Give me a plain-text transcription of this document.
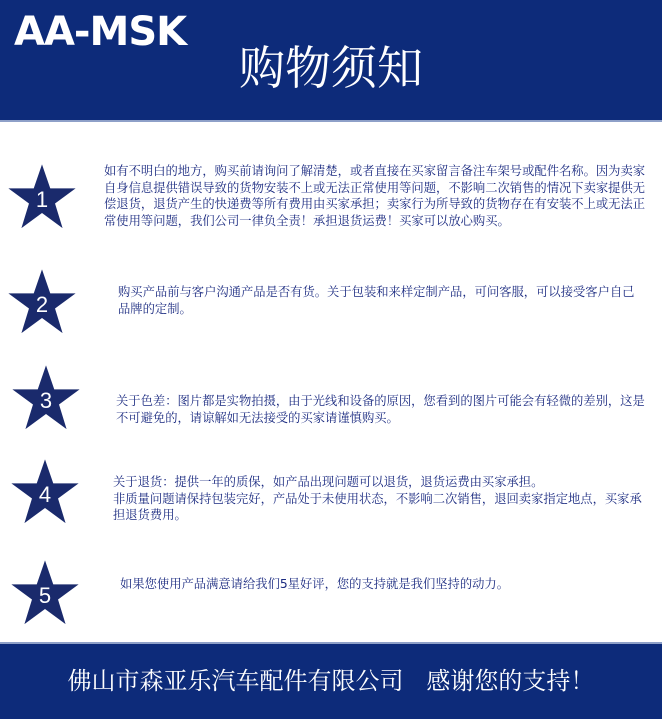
AA-MSK
购物须知
1
如有不明白的地方，购买前请询问了解清楚，或者直接在买家留言备注车架号或配件名称。因为卖家自身信息提供错误导致的货物安装不上或无法正常使用等问题，不影响二次销售的情况下卖家提供无偿退货，退货产生的快递费等所有费用由买家承担；卖家行为所导致的货物存在有安装不上或无法正常使用等问题，我们公司一律负全责！承担退货运费！买家可以放心购买。
2	购买产品前与客户沟通产品是否有货。关于包装和来样定制产品，可问客服，可以接受客户自己品牌的定制。
3	关于色差：图片都是实物拍摄，由于光线和设备的原因，您看到的图片可能会有轻微的差别，这是不可避免的，请谅解如无法接受的买家请谨慎购买。
4	关于退货：提供一年的质保，如产品出现问题可以退货，退货运费由买家承担。
非质量问题请保持包装完好，产品处于未使用状态，不影响二次销售，退回卖家指定地点，买家承担退货费用。
5	如果您使用产品满意请给我们5星好评，您的支持就是我们坚持的动力。
佛山市森亚乐汽车配件有限公司   感谢您的支持！
